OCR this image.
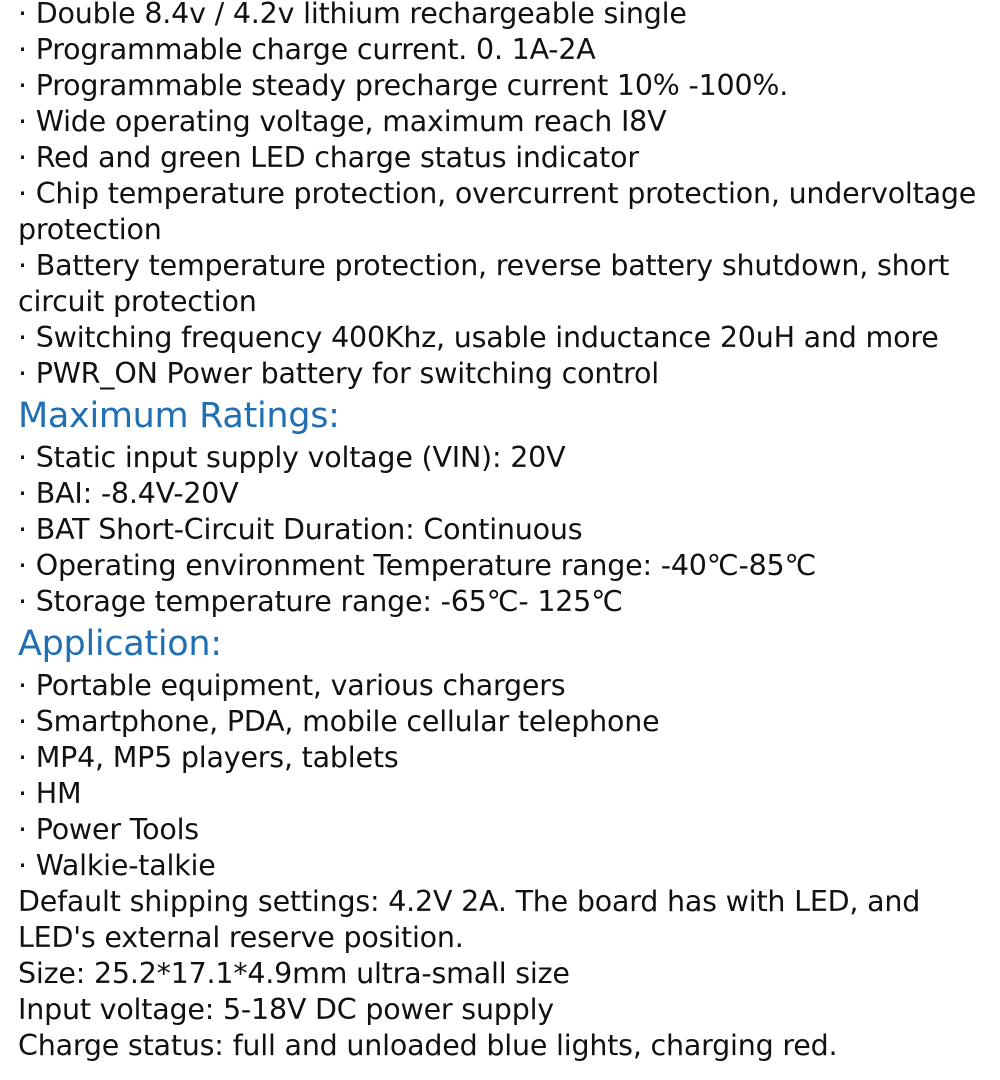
· Double 8.4v / 4.2v lithium rechargeable single

· Programmable charge current. 0. 1A-2A

· Programmable steady precharge current 10% -100%.

· Wide operating voltage, maximum reach I8V

· Red and green LED charge status indicator

· Chip temperature protection, overcurrent protection, undervoltage protection

· Battery temperature protection, reverse battery shutdown, short circuit protection

· Switching frequency 400Khz, usable inductance 20uH and more

· PWR_ON Power battery for switching control

Maximum Ratings:

· Static input supply voltage (VIN): 20V

· BAI: -8.4V-20V

· BAT Short-Circuit Duration: Continuous

· Operating environment Temperature range: -40℃-85℃

· Storage temperature range: -65℃- 125℃

Application:

· Portable equipment, various chargers

· Smartphone, PDA, mobile cellular telephone

· MP4, MP5 players, tablets

· HM

· Power Tools

· Walkie-talkie

Default shipping settings: 4.2V 2A. The board has with LED, and LED's external reserve position.

Size: 25.2*17.1*4.9mm ultra-small size

Input voltage: 5-18V DC power supply

Charge status: full and unloaded blue lights, charging red.
